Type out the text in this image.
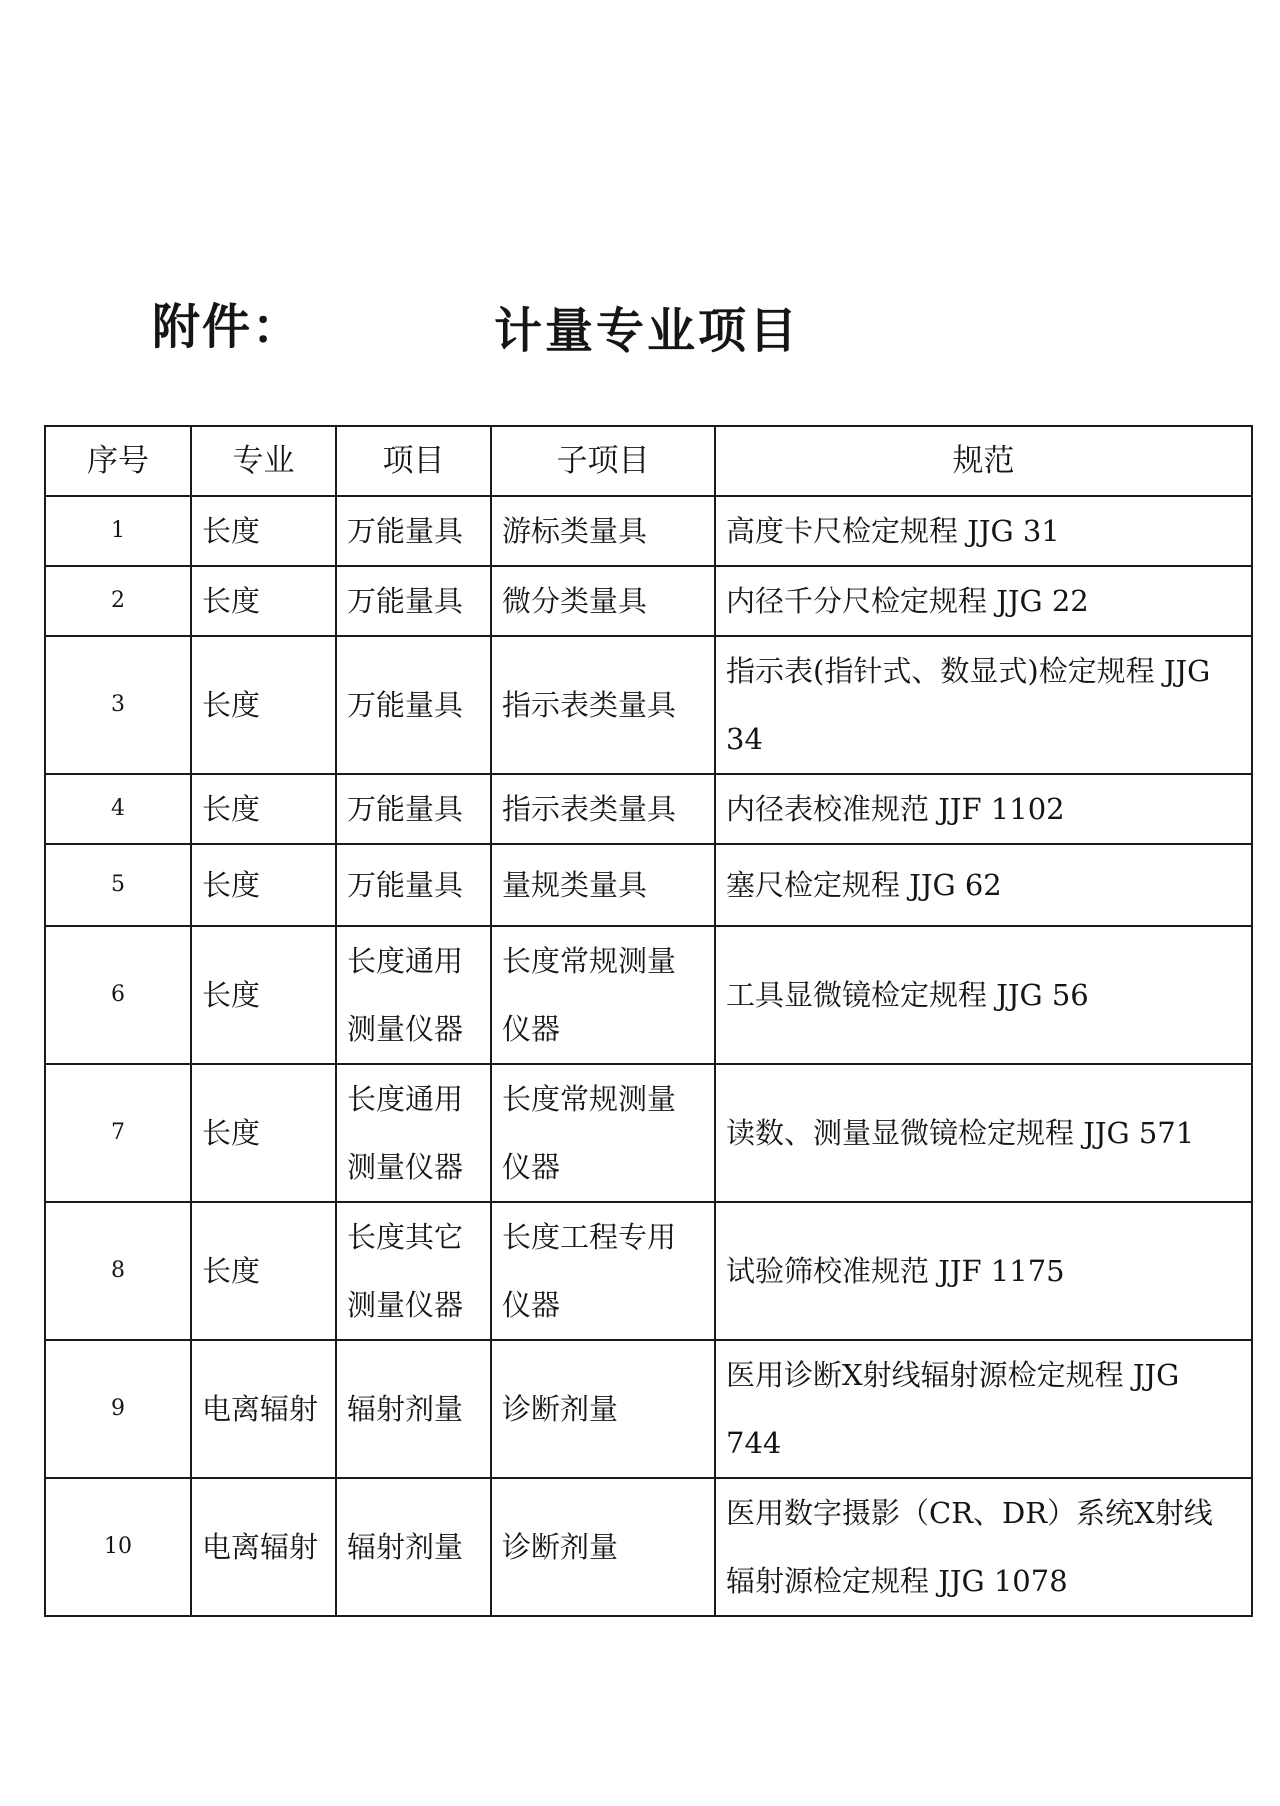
附件：	计量专业项目
序号	专业	项目	子项目	规范
1	长度	万能量具	游标类量具	高度卡尺检定规程 JJG 31
2	长度	万能量具	微分类量具	内径千分尺检定规程 JJG 22
3	长度	万能量具	指示表类量具	指示表(指针式、数显式)检定规程 JJG 34
4	长度	万能量具	指示表类量具	内径表校准规范 JJF 1102
5	长度	万能量具	量规类量具	塞尺检定规程 JJG 62
6	长度	长度通用测量仪器	长度常规测量仪器	工具显微镜检定规程 JJG 56
7	长度	长度通用测量仪器	长度常规测量仪器	读数、测量显微镜检定规程 JJG 571
8	长度	长度其它测量仪器	长度工程专用仪器	试验筛校准规范 JJF 1175
9	电离辐射	辐射剂量	诊断剂量	医用诊断X射线辐射源检定规程 JJG 744
10	电离辐射	辐射剂量	诊断剂量	医用数字摄影（CR、DR）系统X射线辐射源检定规程 JJG 1078
